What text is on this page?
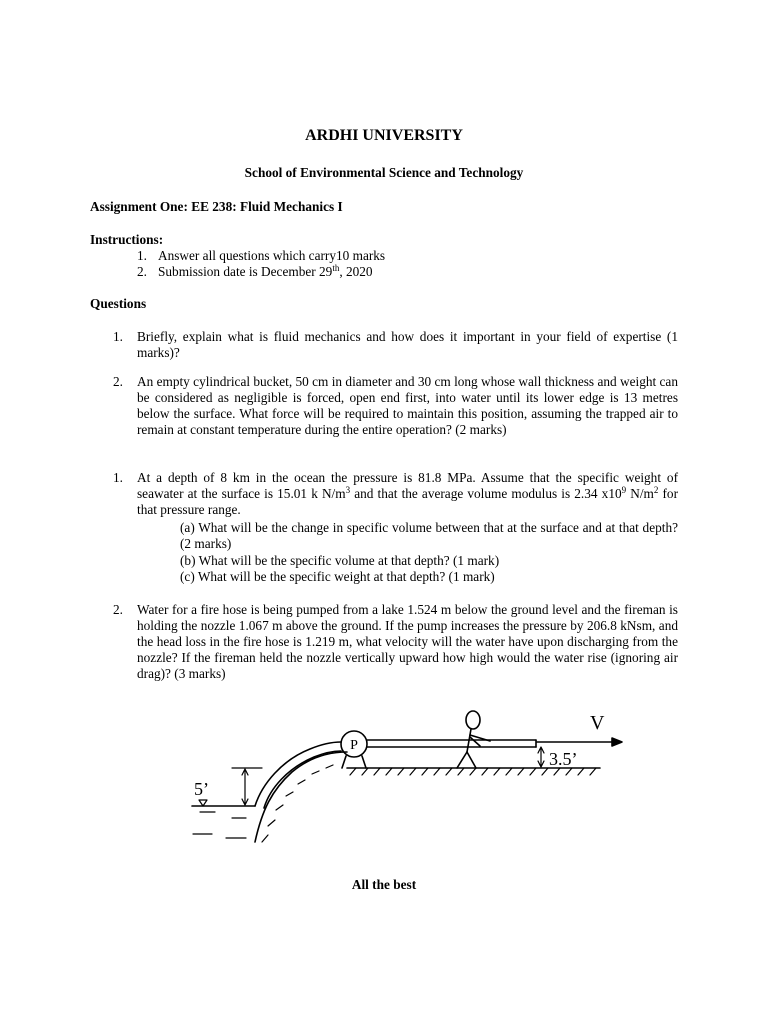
ARDHI UNIVERSITY
School of Environmental Science and Technology
Assignment One: EE 238: Fluid Mechanics I
Instructions:
1. Answer all questions which carry10 marks
2. Submission date is December 29th, 2020
Questions
1. Briefly, explain what is fluid mechanics and how does it important in your field of expertise (1 marks)?
2. An empty cylindrical bucket, 50 cm in diameter and 30 cm long whose wall thickness and weight can be considered as negligible is forced, open end first, into water until its lower edge is 13 metres below the surface. What force will be required to maintain this position, assuming the trapped air to remain at constant temperature during the entire operation? (2 marks)
1. At a depth of 8 km in the ocean the pressure is 81.8 MPa. Assume that the specific weight of seawater at the surface is 15.01 k $N/m^3$ and that the average volume modulus is 2.34 $x10^9$ $N/m^2$ for that pressure range.
(a) What will be the change in specific volume between that at the surface and at that depth? (2 marks)
(b) What will be the specific volume at that depth? (1 mark)
(c) What will be the specific weight at that depth? (1 mark)
2. Water for a fire hose is being pumped from a lake 1.524 m below the ground level and the fireman is holding the nozzle 1.067 m above the ground. If the pump increases the pressure by 206.8 kNsm, and the head loss in the fire hose is 1.219 m, what velocity will the water have upon discharging from the nozzle? If the fireman held the nozzle vertically upward how high would the water rise (ignoring air drag)? (3 marks)
P
V
5’
3.5’
All the best
